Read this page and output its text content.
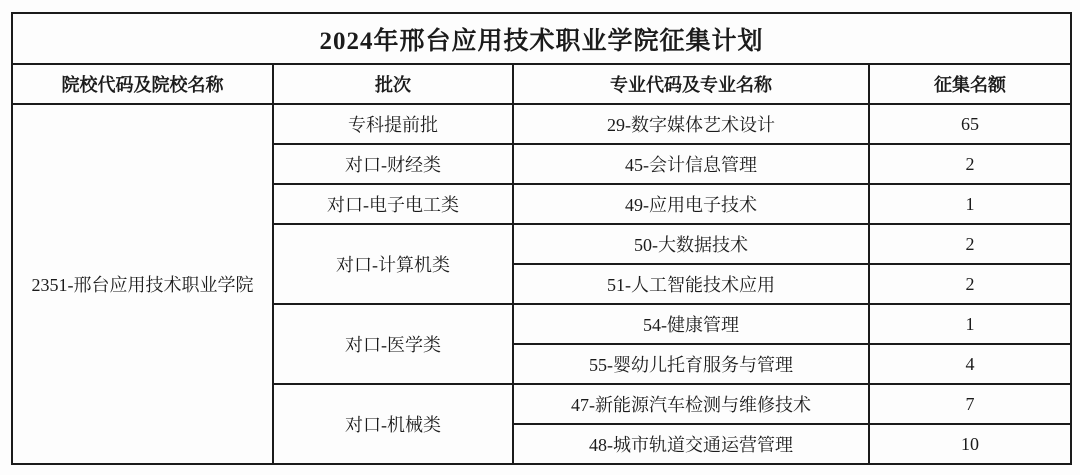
2024年邢台应用技术职业学院征集计划			
院校代码及院校名称	批次	专业代码及专业名称	征集名额
2351-邢台应用技术职业学院	专科提前批	29-数字媒体艺术设计	65
	对口-财经类	45-会计信息管理	2
	对口-电子电工类	49-应用电子技术	1
	对口-计算机类	50-大数据技术	2
		51-人工智能技术应用	2
	对口-医学类	54-健康管理	1
		55-婴幼儿托育服务与管理	4
	对口-机械类	47-新能源汽车检测与维修技术	7
		48-城市轨道交通运营管理	10
